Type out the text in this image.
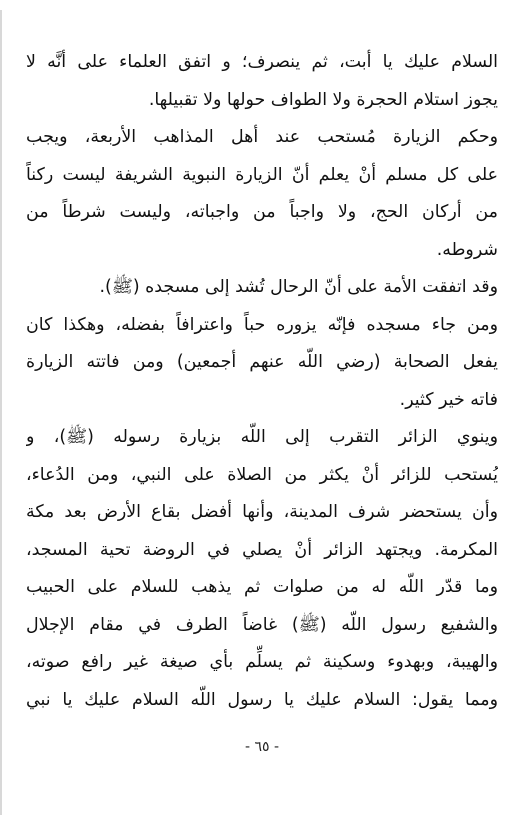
السلام عليك يا أبت، ثم ينصرف؛ و اتفق العلماء على أنَّه لا
يجوز استلام الحجرة ولا الطواف حولها ولا تقبيلها.
وحكم الزيارة مُستحب عند أهل المذاهب الأربعة، ويجب
على كل مسلم أنْ يعلم أنّ الزيارة النبوية الشريفة ليست ركناً
من أركان الحج، ولا واجباً من واجباته، وليست شرطاً من
شروطه.
وقد اتفقت الأمة على أنّ الرحال تُشد إلى مسجده (ﷺ).
ومن جاء مسجده فإنّه يزوره حباً واعترافاً بفضله، وهكذا كان
يفعل الصحابة (رضي اللّه عنهم أجمعين) ومن فاتته الزيارة
فاته خير كثير.
وينوي الزائر التقرب إلى اللّه بزيارة رسوله (ﷺ)، و
يُستحب للزائر أنْ يكثر من الصلاة على النبي، ومن الدُعاء،
وأن يستحضر شرف المدينة، وأنها أفضل بقاع الأرض بعد مكة
المكرمة. ويجتهد الزائر أنْ يصلي في الروضة تحية المسجد،
وما قدّر اللّه له من صلوات ثم يذهب للسلام على الحبيب
والشفيع رسول اللّه (ﷺ) غاضاً الطرف في مقام الإجلال
والهيبة، وبهدوء وسكينة ثم يسلِّم بأي صيغة غير رافع صوته،
ومما يقول: السلام عليك يا رسول اللّه السلام عليك يا نبي
- ٦٥ -
